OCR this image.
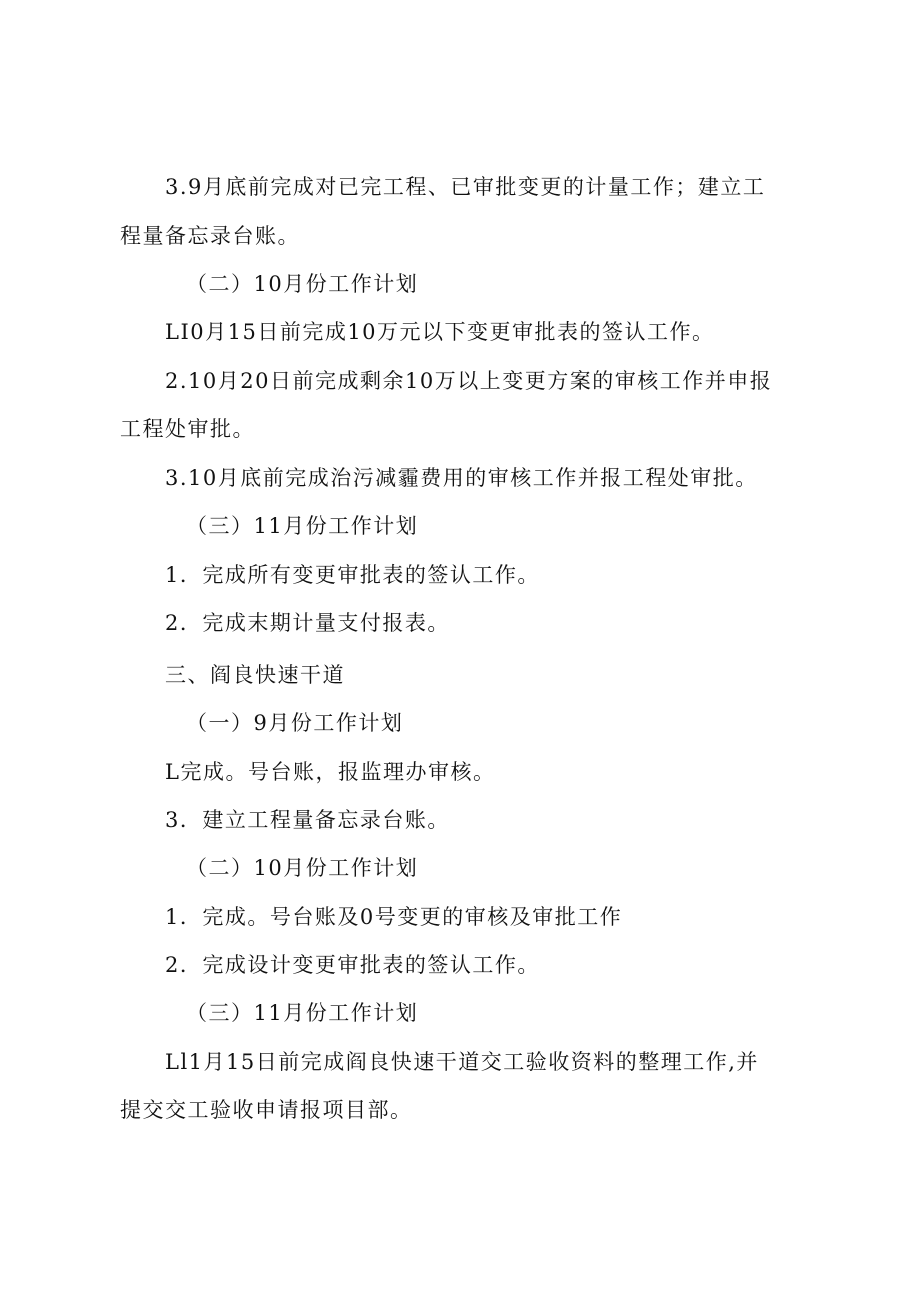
3.9月底前完成对已完工程、已审批变更的计量工作；建立工
程量备忘录台账。
（二）10月份工作计划
LI0月15日前完成10万元以下变更审批表的签认工作。
2.10月20日前完成剩余10万以上变更方案的审核工作并申报
工程处审批。
3.10月底前完成治污减霾费用的审核工作并报工程处审批。
（三）11月份工作计划
1．完成所有变更审批表的签认工作。
2．完成末期计量支付报表。
三、阎良快速干道
（一）9月份工作计划
L完成。号台账，报监理办审核。
3．建立工程量备忘录台账。
（二）10月份工作计划
1．完成。号台账及0号变更的审核及审批工作
2．完成设计变更审批表的签认工作。
（三）11月份工作计划
Ll1月15日前完成阎良快速干道交工验收资料的整理工作,并
提交交工验收申请报项目部。
